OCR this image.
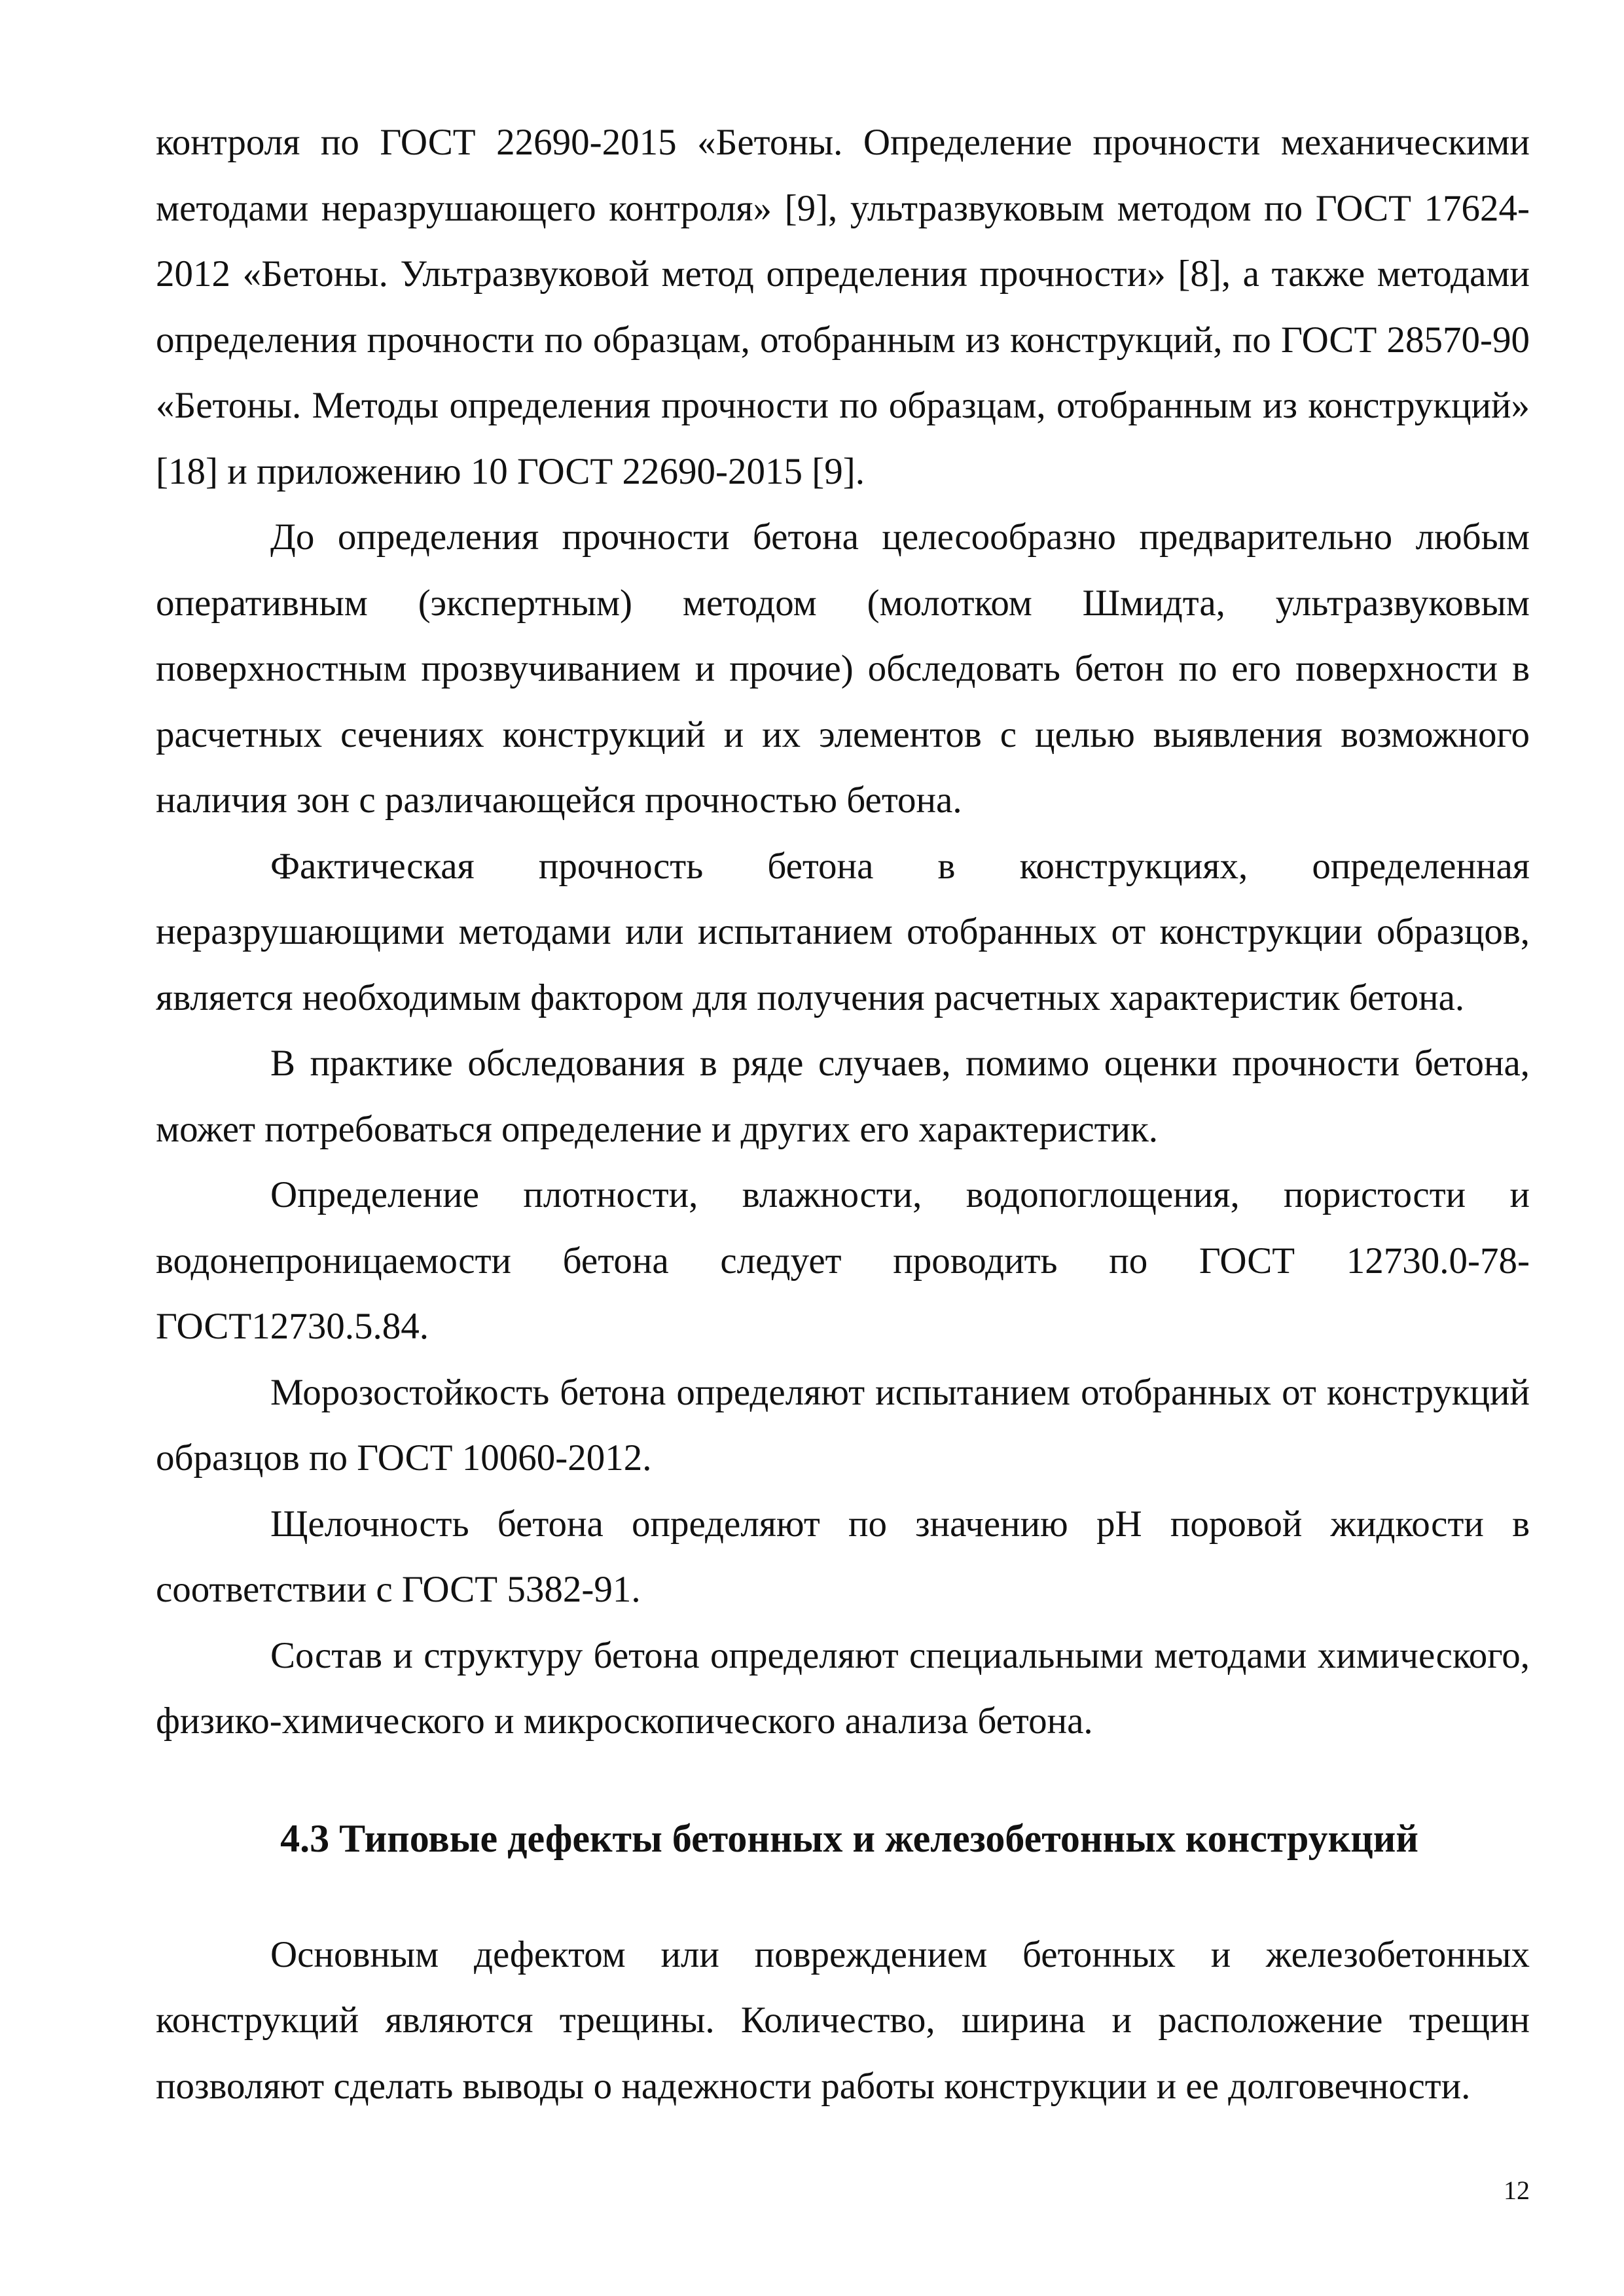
контроля по ГОСТ 22690-2015 «Бетоны. Определение прочности механическими методами неразрушающего контроля» [9], ультразвуковым методом по ГОСТ 17624-2012 «Бетоны. Ультразвуковой метод определения прочности» [8], а также методами определения прочности по образцам, отобранным из конструкций, по ГОСТ 28570-90 «Бетоны. Методы определения прочности по образцам, отобранным из конструкций» [18] и приложению 10 ГОСТ 22690-2015 [9].

До определения прочности бетона целесообразно предварительно любым оперативным (экспертным) методом (молотком Шмидта, ультразвуковым поверхностным прозвучиванием и прочие) обследовать бетон по его поверхности в расчетных сечениях конструкций и их элементов с целью выявления возможного наличия зон с различающейся прочностью бетона.

Фактическая прочность бетона в конструкциях, определенная неразрушающими методами или испытанием отобранных от конструкции образцов, является необходимым фактором для получения расчетных характеристик бетона.

В практике обследования в ряде случаев, помимо оценки прочности бетона, может потребоваться определение и других его характеристик.

Определение плотности, влажности, водопоглощения, пористости и водонепроницаемости бетона следует проводить по ГОСТ 12730.0-78-ГОСТ12730.5.84.

Морозостойкость бетона определяют испытанием отобранных от конструкций образцов по ГОСТ 10060-2012.

Щелочность бетона определяют по значению pH поровой жидкости в соответствии с ГОСТ 5382-91.

Состав и структуру бетона определяют специальными методами химического, физико-химического и микроскопического анализа бетона.

4.3 Типовые дефекты бетонных и железобетонных конструкций

Основным дефектом или повреждением бетонных и железобетонных конструкций являются трещины. Количество, ширина и расположение трещин позволяют сделать выводы о надежности работы конструкции и ее долговечности.

12
